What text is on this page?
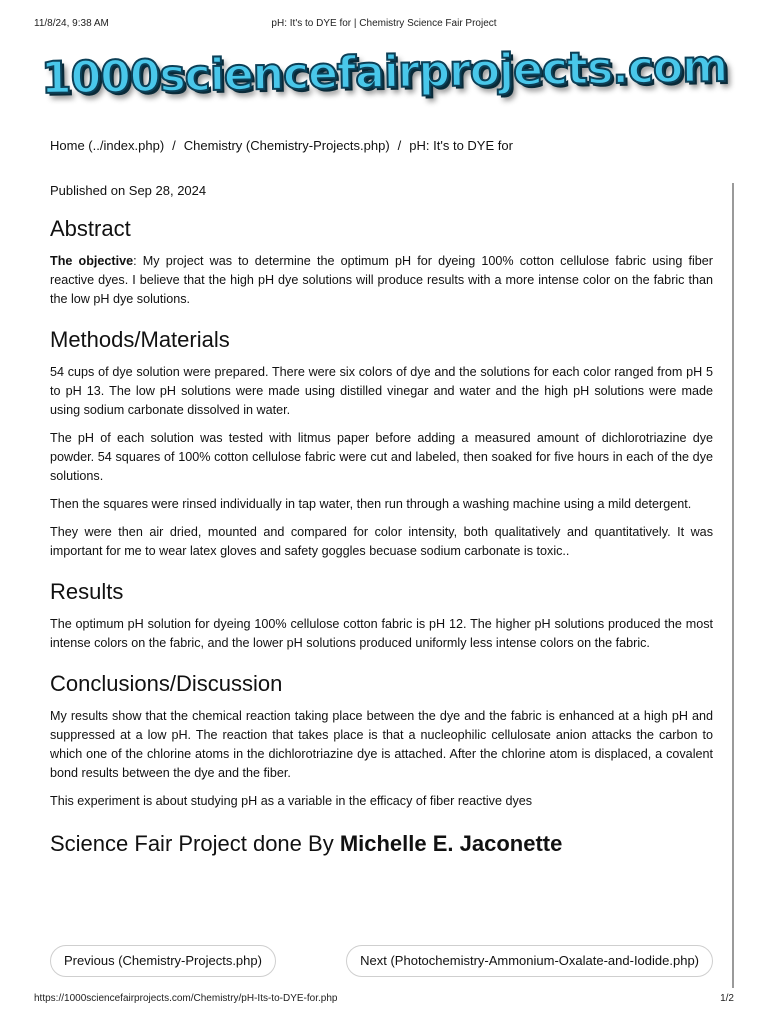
11/8/24, 9:38 AM	pH: It's to DYE for | Chemistry Science Fair Project
1000sciencefairprojects.com
Home (../index.php) / Chemistry (Chemistry-Projects.php) / pH: It's to DYE for
Published on Sep 28, 2024
Abstract

The objective: My project was to determine the optimum pH for dyeing 100% cotton cellulose fabric using fiber reactive dyes. I believe that the high pH dye solutions will produce results with a more intense color on the fabric than the low pH dye solutions.

Methods/Materials

54 cups of dye solution were prepared. There were six colors of dye and the solutions for each color ranged from pH 5 to pH 13. The low pH solutions were made using distilled vinegar and water and the high pH solutions were made using sodium carbonate dissolved in water.

The pH of each solution was tested with litmus paper before adding a measured amount of dichlorotriazine dye powder. 54 squares of 100% cotton cellulose fabric were cut and labeled, then soaked for five hours in each of the dye solutions.

Then the squares were rinsed individually in tap water, then run through a washing machine using a mild detergent.

They were then air dried, mounted and compared for color intensity, both qualitatively and quantitatively. It was important for me to wear latex gloves and safety goggles becuase sodium carbonate is toxic..

Results

The optimum pH solution for dyeing 100% cellulose cotton fabric is pH 12. The higher pH solutions produced the most intense colors on the fabric, and the lower pH solutions produced uniformly less intense colors on the fabric.

Conclusions/Discussion

My results show that the chemical reaction taking place between the dye and the fabric is enhanced at a high pH and suppressed at a low pH. The reaction that takes place is that a nucleophilic cellulosate anion attacks the carbon to which one of the chlorine atoms in the dichlorotriazine dye is attached. After the chlorine atom is displaced, a covalent bond results between the dye and the fiber.

This experiment is about studying pH as a variable in the efficacy of fiber reactive dyes

Science Fair Project done By Michelle E. Jaconette
Previous (Chemistry-Projects.php)	Next (Photochemistry-Ammonium-Oxalate-and-Iodide.php)
https://1000sciencefairprojects.com/Chemistry/pH-Its-to-DYE-for.php	1/2
